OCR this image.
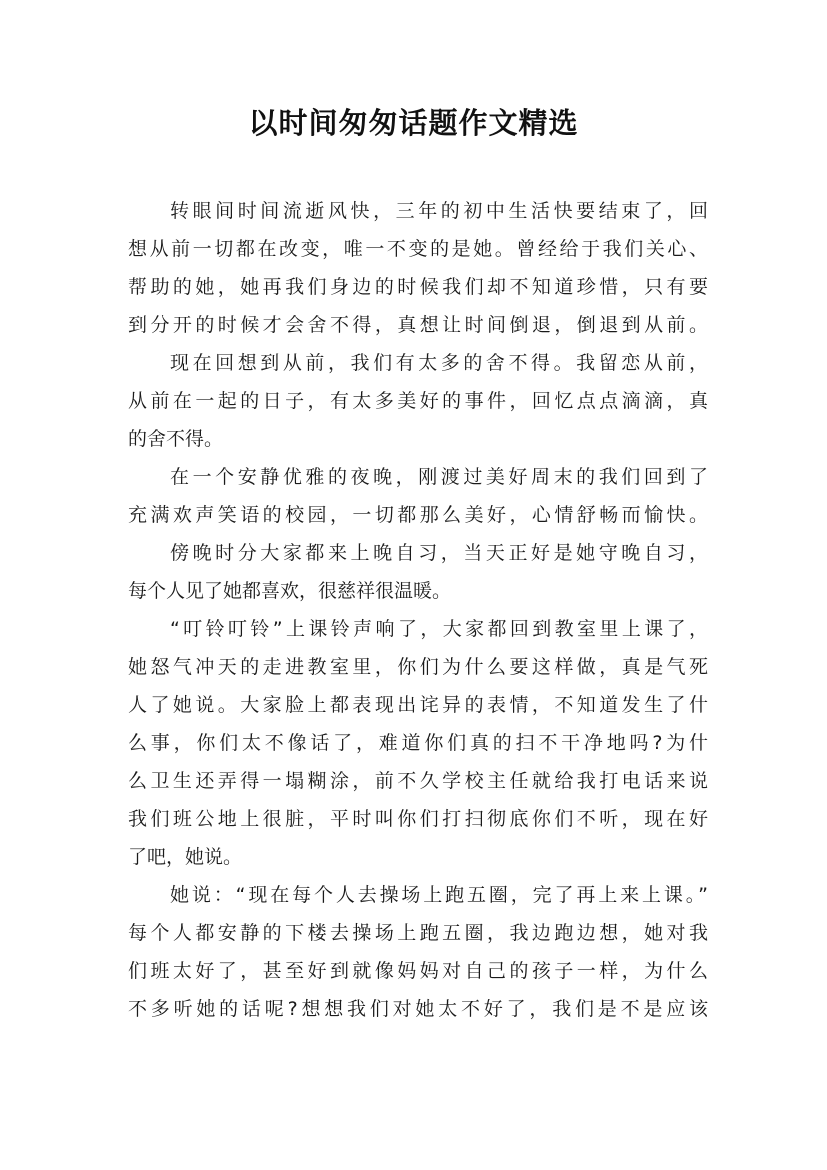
以时间匆匆话题作文精选
转眼间时间流逝风快，三年的初中生活快要结束了，回
想从前一切都在改变，唯一不变的是她。曾经给于我们关心、
帮助的她，她再我们身边的时候我们却不知道珍惜，只有要
到分开的时候才会舍不得，真想让时间倒退，倒退到从前。
现在回想到从前，我们有太多的舍不得。我留恋从前，
从前在一起的日子，有太多美好的事件，回忆点点滴滴，真
的舍不得。
在一个安静优雅的夜晚，刚渡过美好周末的我们回到了
充满欢声笑语的校园，一切都那么美好，心情舒畅而愉快。
傍晚时分大家都来上晚自习，当天正好是她守晚自习，
每个人见了她都喜欢，很慈祥很温暖。
“叮铃叮铃”上课铃声响了，大家都回到教室里上课了，
她怒气冲天的走进教室里，你们为什么要这样做，真是气死
人了她说。大家脸上都表现出诧异的表情，不知道发生了什
么事，你们太不像话了，难道你们真的扫不干净地吗?为什
么卫生还弄得一塌糊涂，前不久学校主任就给我打电话来说
我们班公地上很脏，平时叫你们打扫彻底你们不听，现在好
了吧，她说。
她说：“现在每个人去操场上跑五圈，完了再上来上课。”
每个人都安静的下楼去操场上跑五圈，我边跑边想，她对我
们班太好了，甚至好到就像妈妈对自己的孩子一样，为什么
不多听她的话呢?想想我们对她太不好了，我们是不是应该
